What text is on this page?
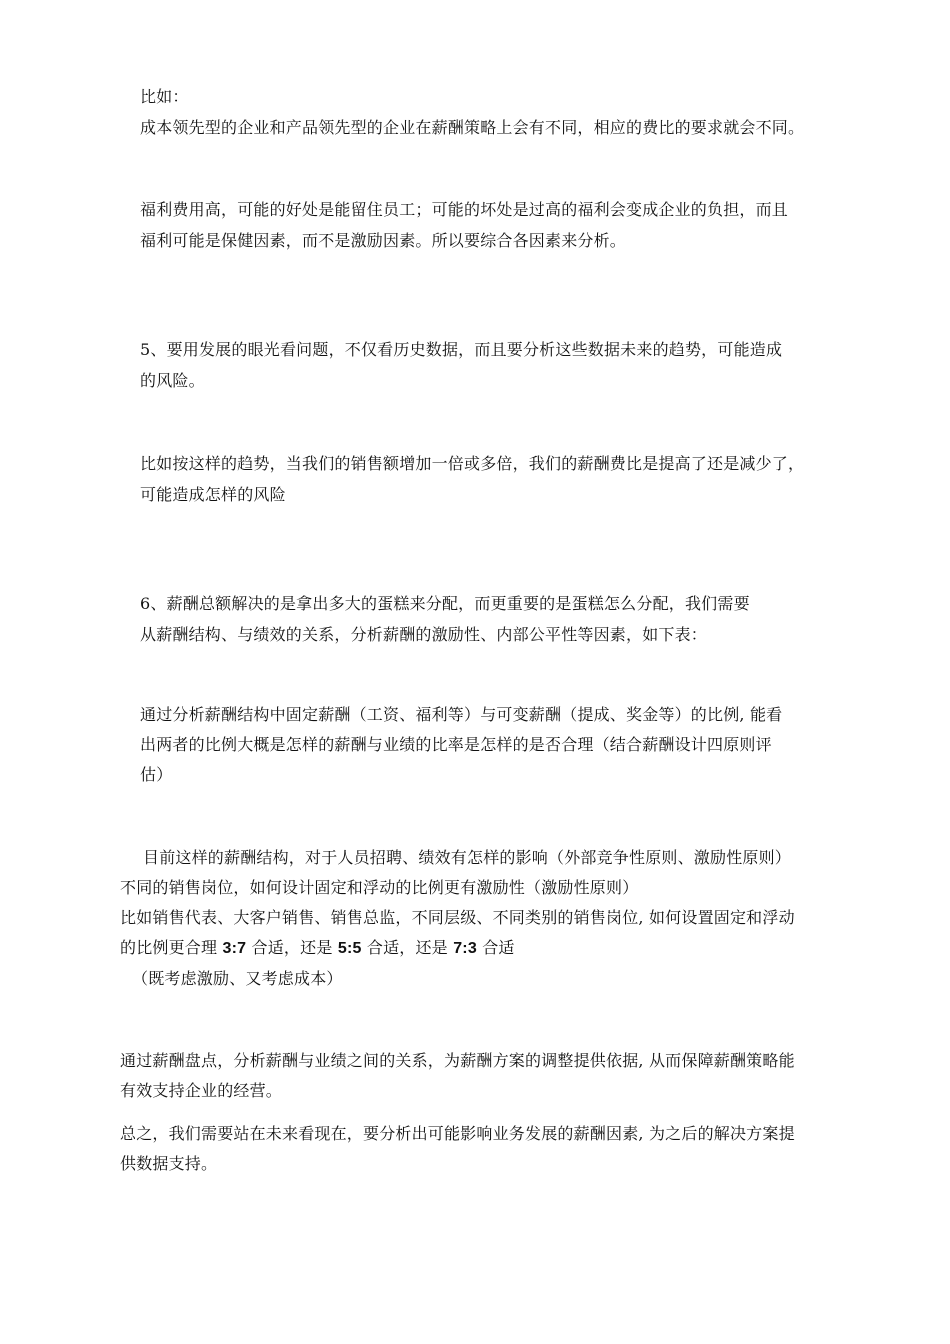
比如：
成本领先型的企业和产品领先型的企业在薪酬策略上会有不同，相应的费比的要求就会不同。
福利费用高，可能的好处是能留住员工；可能的坏处是过高的福利会变成企业的负担，而且
福利可能是保健因素，而不是激励因素。所以要综合各因素来分析。
5、要用发展的眼光看问题，不仅看历史数据，而且要分析这些数据未来的趋势，可能造成
的风险。
比如按这样的趋势，当我们的销售额增加一倍或多倍，我们的薪酬费比是提高了还是减少了，
可能造成怎样的风险
6、薪酬总额解决的是拿出多大的蛋糕来分配，而更重要的是蛋糕怎么分配，我们需要
从薪酬结构、与绩效的关系，分析薪酬的激励性、内部公平性等因素，如下表：
通过分析薪酬结构中固定薪酬（工资、福利等）与可变薪酬（提成、奖金等）的比例, 能看
出两者的比例大概是怎样的薪酬与业绩的比率是怎样的是否合理（结合薪酬设计四原则评
估）
目前这样的薪酬结构，对于人员招聘、绩效有怎样的影响（外部竞争性原则、激励性原则）
不同的销售岗位，如何设计固定和浮动的比例更有激励性（激励性原则）
比如销售代表、大客户销售、销售总监，不同层级、不同类别的销售岗位, 如何设置固定和浮动
的比例更合理 3:7 合适，还是 5:5 合适，还是 7:3 合适
（既考虑激励、又考虑成本）
通过薪酬盘点，分析薪酬与业绩之间的关系，为薪酬方案的调整提供依据, 从而保障薪酬策略能
有效支持企业的经营。
总之，我们需要站在未来看现在，要分析出可能影响业务发展的薪酬因素, 为之后的解决方案提
供数据支持。
